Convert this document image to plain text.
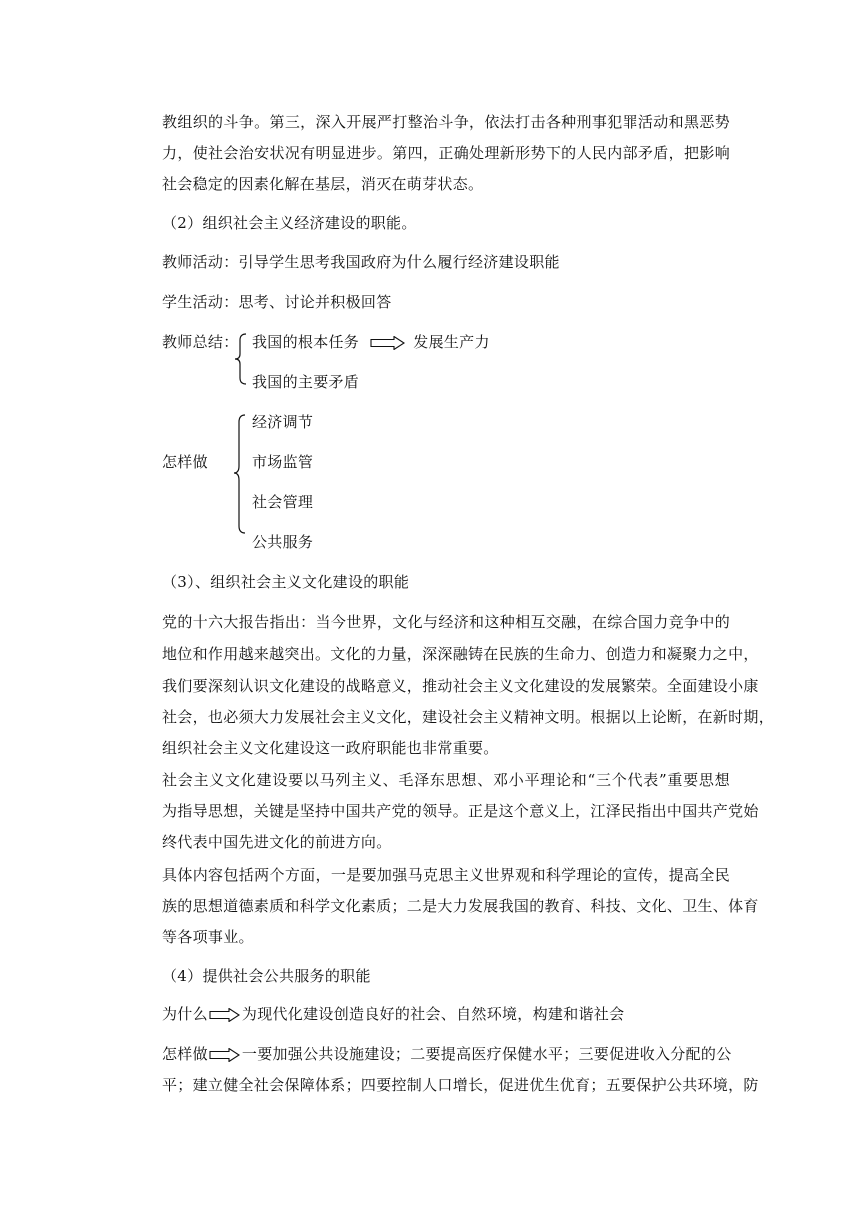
教组织的斗争。第三，深入开展严打整治斗争，依法打击各种刑事犯罪活动和黑恶势
力，使社会治安状况有明显进步。第四，正确处理新形势下的人民内部矛盾，把影响
社会稳定的因素化解在基层，消灭在萌芽状态。
（2）组织社会主义经济建设的职能。
教师活动：引导学生思考我国政府为什么履行经济建设职能
学生活动：思考、讨论并积极回答
教师总结： 我国的根本任务	发展生产力
我国的主要矛盾
怎样做
经济调节
市场监管
社会管理
公共服务
（3）、组织社会主义文化建设的职能
党的十六大报告指出：当今世界，文化与经济和这种相互交融，在综合国力竞争中的
地位和作用越来越突出。文化的力量，深深融铸在民族的生命力、创造力和凝聚力之中，
我们要深刻认识文化建设的战略意义，推动社会主义文化建设的发展繁荣。全面建设小康
社会，也必须大力发展社会主义文化，建设社会主义精神文明。根据以上论断，在新时期，
组织社会主义文化建设这一政府职能也非常重要。
社会主义文化建设要以马列主义、毛泽东思想、邓小平理论和“三个代表”重要思想
为指导思想，关键是坚持中国共产党的领导。正是这个意义上，江泽民指出中国共产党始
终代表中国先进文化的前进方向。
具体内容包括两个方面，一是要加强马克思主义世界观和科学理论的宣传，提高全民
族的思想道德素质和科学文化素质；二是大力发展我国的教育、科技、文化、卫生、体育
等各项事业。
（4）提供社会公共服务的职能
为什么 为现代化建设创造良好的社会、自然环境，构建和谐社会
怎样做 一要加强公共设施建设；二要提高医疗保健水平；三要促进收入分配的公
平；建立健全社会保障体系；四要控制人口增长，促进优生优育；五要保护公共环境，防
